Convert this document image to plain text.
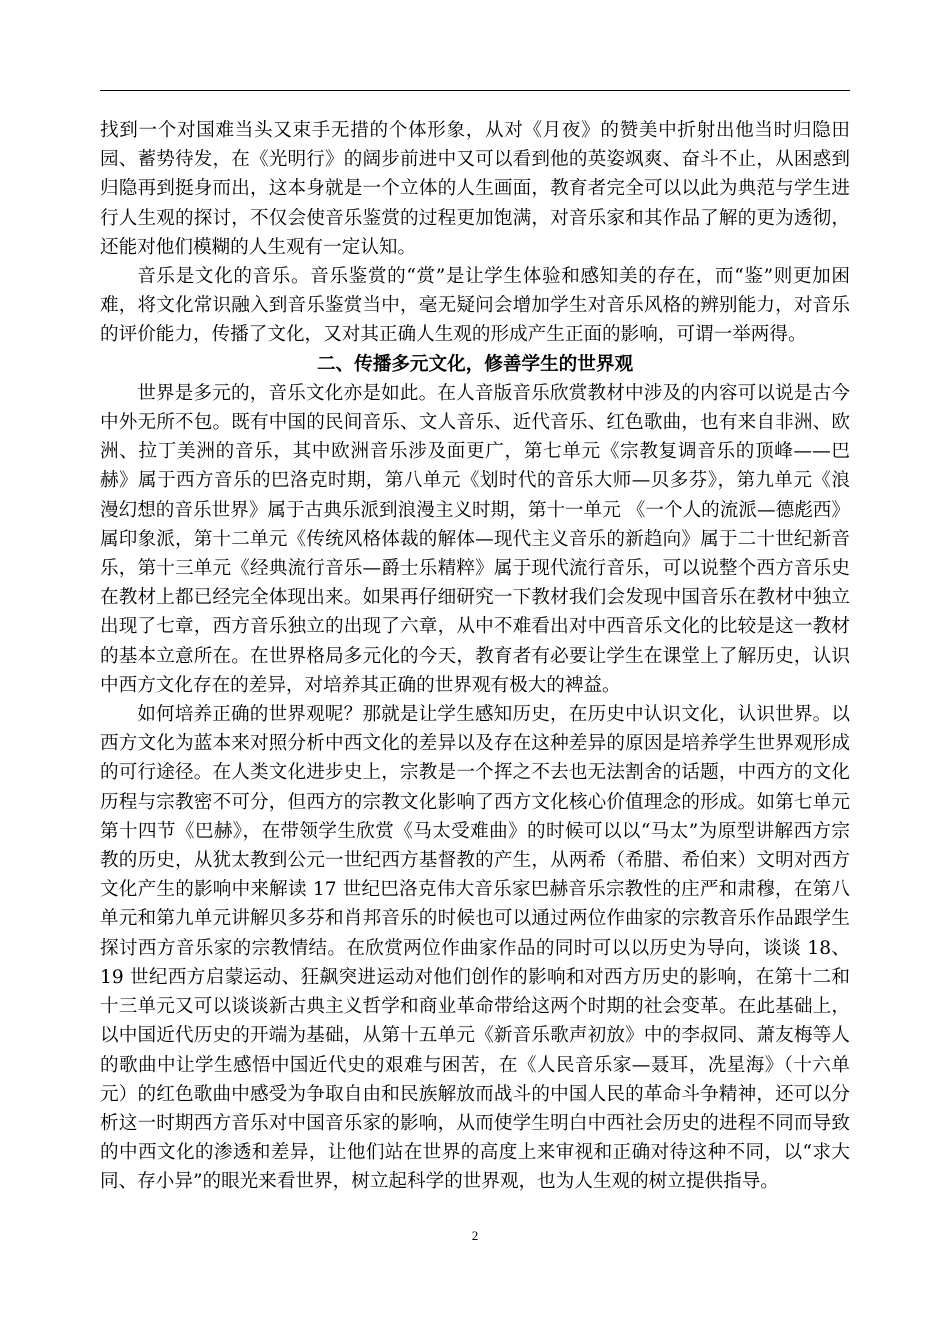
找到一个对国难当头又束手无措的个体形象，从对《月夜》的赞美中折射出他当时归隐田园、蓄势待发，在《光明行》的阔步前进中又可以看到他的英姿飒爽、奋斗不止，从困惑到归隐再到挺身而出，这本身就是一个立体的人生画面，教育者完全可以以此为典范与学生进行人生观的探讨，不仅会使音乐鉴赏的过程更加饱满，对音乐家和其作品了解的更为透彻，还能对他们模糊的人生观有一定认知。

音乐是文化的音乐。音乐鉴赏的“赏”是让学生体验和感知美的存在，而“鉴”则更加困难，将文化常识融入到音乐鉴赏当中，毫无疑问会增加学生对音乐风格的辨别能力，对音乐的评价能力，传播了文化，又对其正确人生观的形成产生正面的影响，可谓一举两得。

二、传播多元文化，修善学生的世界观

世界是多元的，音乐文化亦是如此。在人音版音乐欣赏教材中涉及的内容可以说是古今中外无所不包。既有中国的民间音乐、文人音乐、近代音乐、红色歌曲，也有来自非洲、欧洲、拉丁美洲的音乐，其中欧洲音乐涉及面更广，第七单元《宗教复调音乐的顶峰——巴赫》属于西方音乐的巴洛克时期，第八单元《划时代的音乐大师—贝多芬》，第九单元《浪漫幻想的音乐世界》属于古典乐派到浪漫主义时期，第十一单元 《一个人的流派—德彪西》属印象派，第十二单元《传统风格体裁的解体—现代主义音乐的新趋向》属于二十世纪新音乐，第十三单元《经典流行音乐—爵士乐精粹》属于现代流行音乐，可以说整个西方音乐史在教材上都已经完全体现出来。如果再仔细研究一下教材我们会发现中国音乐在教材中独立出现了七章，西方音乐独立的出现了六章，从中不难看出对中西音乐文化的比较是这一教材的基本立意所在。在世界格局多元化的今天，教育者有必要让学生在课堂上了解历史，认识中西方文化存在的差异，对培养其正确的世界观有极大的裨益。

如何培养正确的世界观呢？那就是让学生感知历史，在历史中认识文化，认识世界。以西方文化为蓝本来对照分析中西文化的差异以及存在这种差异的原因是培养学生世界观形成的可行途径。在人类文化进步史上，宗教是一个挥之不去也无法割舍的话题，中西方的文化历程与宗教密不可分，但西方的宗教文化影响了西方文化核心价值理念的形成。如第七单元第十四节《巴赫》，在带领学生欣赏《马太受难曲》的时候可以以“马太”为原型讲解西方宗教的历史，从犹太教到公元一世纪西方基督教的产生，从两希（希腊、希伯来）文明对西方文化产生的影响中来解读 17 世纪巴洛克伟大音乐家巴赫音乐宗教性的庄严和肃穆，在第八单元和第九单元讲解贝多芬和肖邦音乐的时候也可以通过两位作曲家的宗教音乐作品跟学生探讨西方音乐家的宗教情结。在欣赏两位作曲家作品的同时可以以历史为导向，谈谈 18、19 世纪西方启蒙运动、狂飙突进运动对他们创作的影响和对西方历史的影响，在第十二和十三单元又可以谈谈新古典主义哲学和商业革命带给这两个时期的社会变革。在此基础上，以中国近代历史的开端为基础，从第十五单元《新音乐歌声初放》中的李叔同、萧友梅等人的歌曲中让学生感悟中国近代史的艰难与困苦，在《人民音乐家—聂耳，冼星海》（十六单元）的红色歌曲中感受为争取自由和民族解放而战斗的中国人民的革命斗争精神，还可以分析这一时期西方音乐对中国音乐家的影响，从而使学生明白中西社会历史的进程不同而导致的中西文化的渗透和差异，让他们站在世界的高度上来审视和正确对待这种不同，以“求大同、存小异”的眼光来看世界，树立起科学的世界观，也为人生观的树立提供指导。

2
